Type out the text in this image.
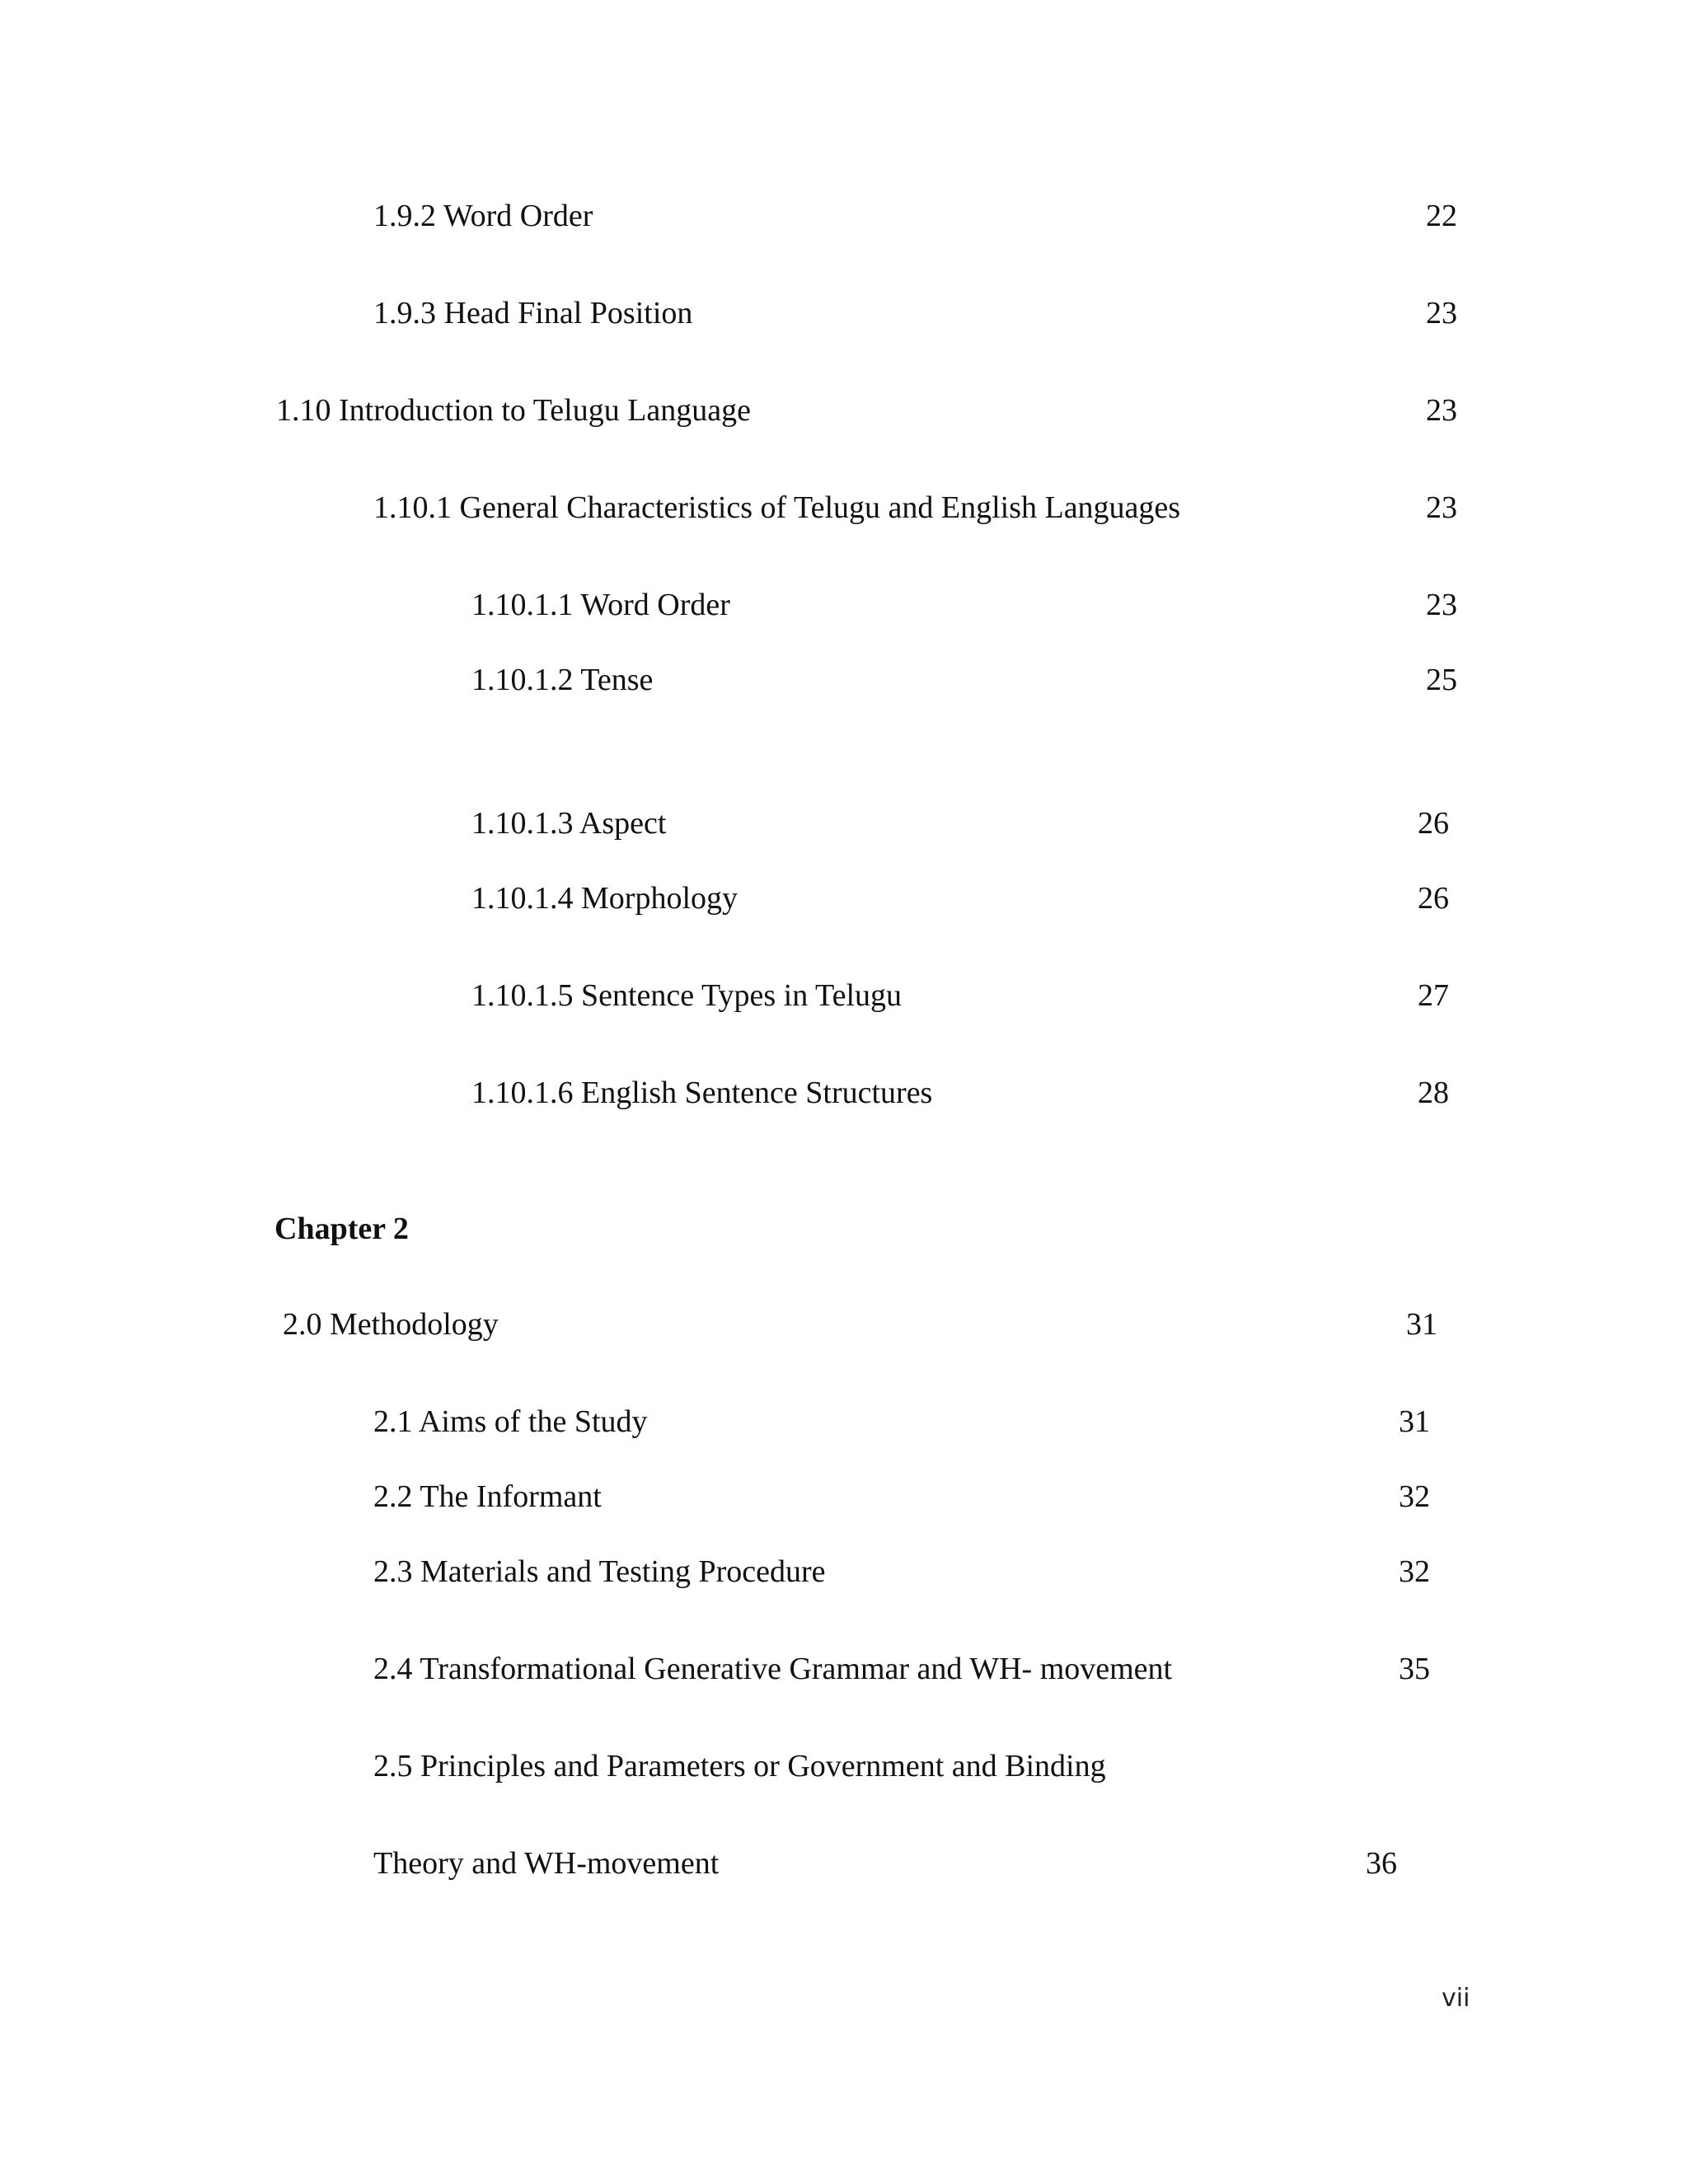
1.9.2 Word Order	22
1.9.3 Head Final Position	23
1.10 Introduction to Telugu Language	23
1.10.1 General Characteristics of Telugu and English Languages	23
1.10.1.1 Word Order	23
1.10.1.2 Tense	25
1.10.1.3 Aspect	26
1.10.1.4 Morphology	26
1.10.1.5 Sentence Types in Telugu	27
1.10.1.6 English Sentence Structures	28
Chapter 2
2.0 Methodology	31
2.1 Aims of the Study	31
2.2 The Informant	32
2.3 Materials and Testing Procedure	32
2.4 Transformational Generative Grammar and WH- movement	35
2.5 Principles and Parameters or Government and Binding
Theory and WH-movement	36
vii
